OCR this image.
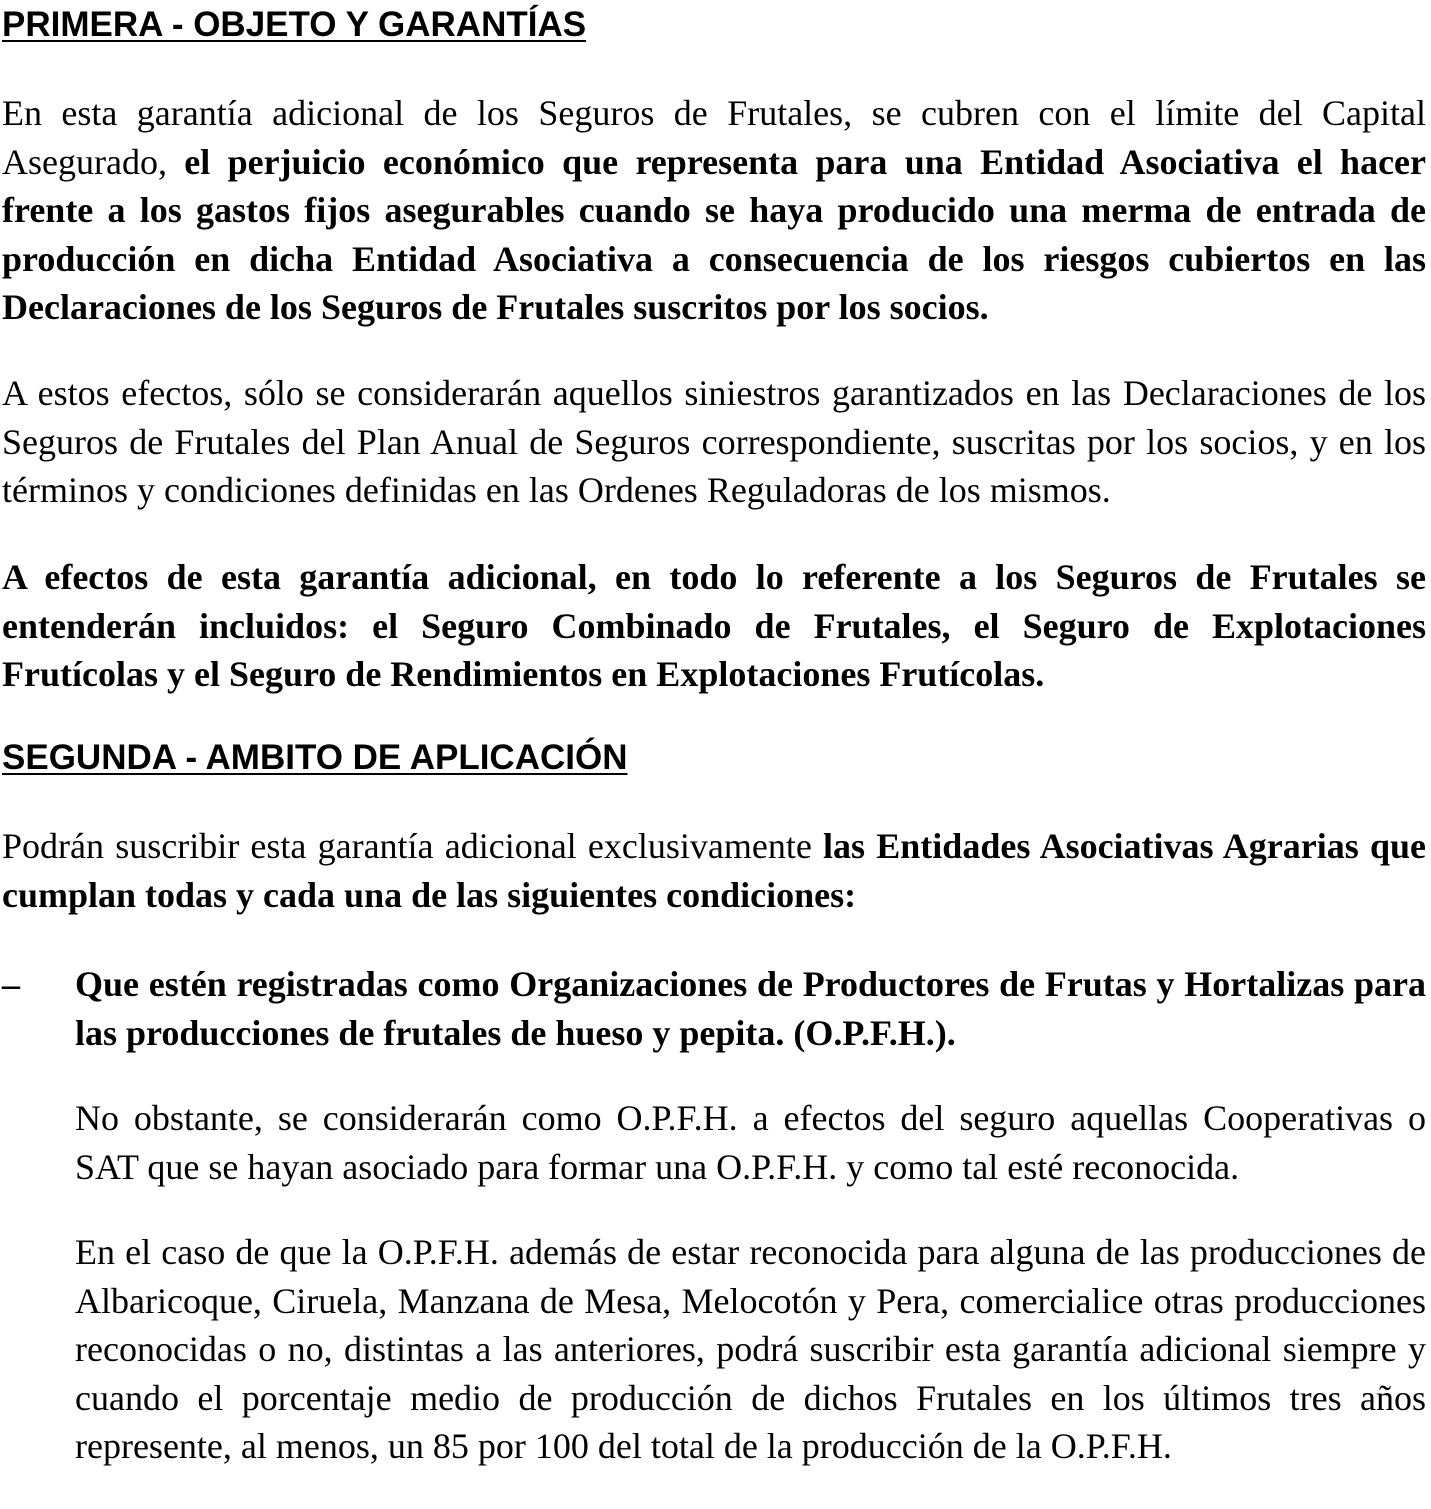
PRIMERA - OBJETO Y GARANTÍAS

En esta garantía adicional de los Seguros de Frutales, se cubren con el límite del Capital Asegurado, el perjuicio económico que representa para una Entidad Asociativa el hacer frente a los gastos fijos asegurables cuando se haya producido una merma de entrada de producción en dicha Entidad Asociativa a consecuencia de los riesgos cubiertos en las Declaraciones de los Seguros de Frutales suscritos por los socios.

A estos efectos, sólo se considerarán aquellos siniestros garantizados en las Declaraciones de los Seguros de Frutales del Plan Anual de Seguros correspondiente, suscritas por los socios, y en los términos y condiciones definidas en las Ordenes Reguladoras de los mismos.

A efectos de esta garantía adicional, en todo lo referente a los Seguros de Frutales se entenderán incluidos: el Seguro Combinado de Frutales, el Seguro de Explotaciones Frutícolas y el Seguro de Rendimientos en Explotaciones Frutícolas.

SEGUNDA - AMBITO DE APLICACIÓN

Podrán suscribir esta garantía adicional exclusivamente las Entidades Asociativas Agrarias que cumplan todas y cada una de las siguientes condiciones:

– Que estén registradas como Organizaciones de Productores de Frutas y Hortalizas para las producciones de frutales de hueso y pepita. (O.P.F.H.).

No obstante, se considerarán como O.P.F.H. a efectos del seguro aquellas Cooperativas o SAT que se hayan asociado para formar una O.P.F.H. y como tal esté reconocida.

En el caso de que la O.P.F.H. además de estar reconocida para alguna de las producciones de Albaricoque, Ciruela, Manzana de Mesa, Melocotón y Pera, comercialice otras producciones reconocidas o no, distintas a las anteriores, podrá suscribir esta garantía adicional siempre y cuando el porcentaje medio de producción de dichos Frutales en los últimos tres años represente, al menos, un 85 por 100 del total de la producción de la O.P.F.H.
